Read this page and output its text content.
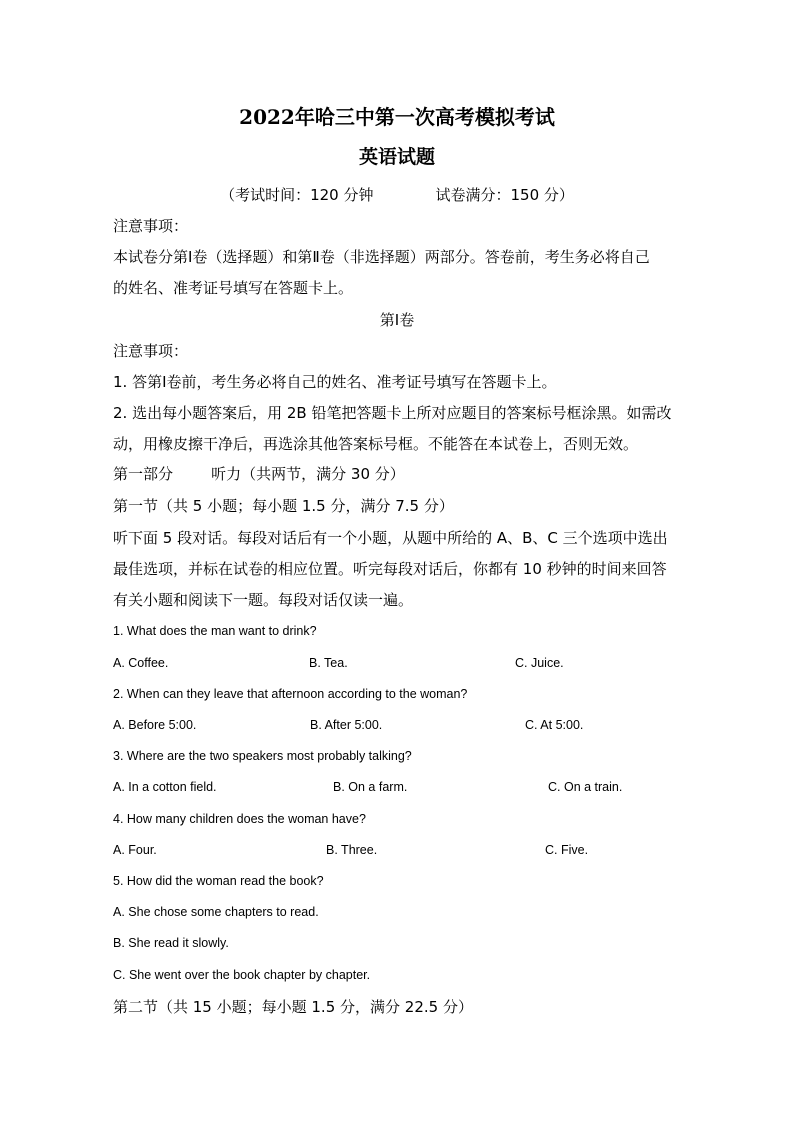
2022年哈三中第一次高考模拟考试
英语试题
（考试时间：120 分钟	试卷满分：150 分）

注意事项：

本试卷分第Ⅰ卷（选择题）和第Ⅱ卷（非选择题）两部分。答卷前，考生务必将自己

的姓名、准考证号填写在答题卡上。

第Ⅰ卷

注意事项：

1. 答第Ⅰ卷前，考生务必将自己的姓名、准考证号填写在答题卡上。

2. 选出每小题答案后，用 2B 铅笔把答题卡上所对应题目的答案标号框涂黑。如需改

动，用橡皮擦干净后，再选涂其他答案标号框。不能答在本试卷上，否则无效。

第一部分        听力（共两节，满分 30 分）

第一节（共 5 小题；每小题 1.5 分，满分 7.5 分）

听下面 5 段对话。每段对话后有一个小题，从题中所给的 A、B、C 三个选项中选出

最佳选项，并标在试卷的相应位置。听完每段对话后，你都有 10 秒钟的时间来回答

有关小题和阅读下一题。每段对话仅读一遍。

1. What does the man want to drink?

A. Coffee.	B. Tea.	C. Juice.

2. When can they leave that afternoon according to the woman?

A. Before 5:00.	B. After 5:00.	C. At 5:00.

3. Where are the two speakers most probably talking?

A. In a cotton field.	B. On a farm.	C. On a train.

4. How many children does the woman have?

A. Four.	B. Three.	C. Five.

5. How did the woman read the book?

A. She chose some chapters to read.
B. She read it slowly.
C. She went over the book chapter by chapter.

第二节（共 15 小题；每小题 1.5 分，满分 22.5 分）
